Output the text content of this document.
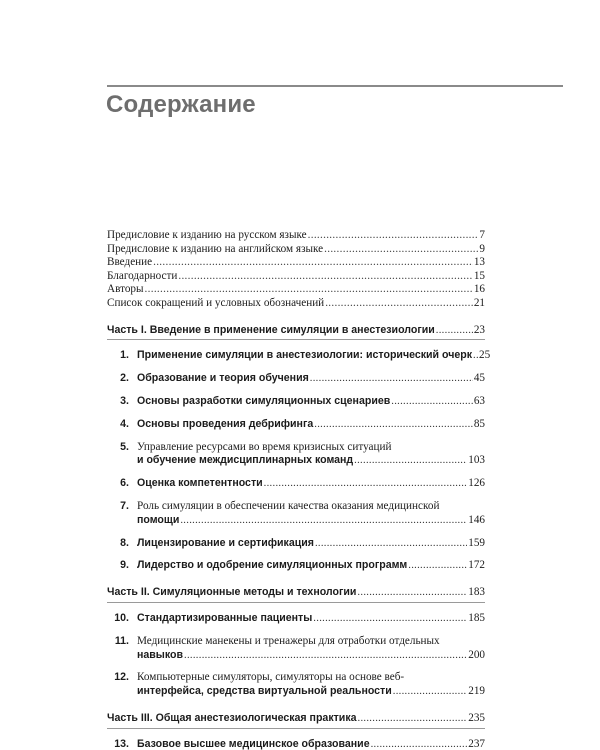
Содержание
Предисловие к изданию на русском языке .....	7
Предисловие к изданию на английском языке .....	9
Введение .....	13
Благодарности .....	15
Авторы .....	16
Список сокращений и условных обозначений .....	21
Часть I. Введение в применение симуляции в анестезиологии .....	23
1. Применение симуляции в анестезиологии: исторический очерк ..... 25
2. Образование и теория обучения .....	45
3. Основы разработки симуляционных сценариев .....	63
4. Основы проведения дебрифинга .....	85
5. Управление ресурсами во время кризисных ситуаций
и обучение междисциплинарных команд .....	103
6. Оценка компетентности .....	126
7. Роль симуляции в обеспечении качества оказания медицинской
помощи .....	146
8. Лицензирование и сертификация .....	159
9. Лидерство и одобрение симуляционных программ .....	172
Часть II. Симуляционные методы и технологии .....	183
10. Стандартизированные пациенты .....	185
11. Медицинские манекены и тренажеры для отработки отдельных
навыков .....	200
12. Компьютерные симуляторы, симуляторы на основе веб-
интерфейса, средства виртуальной реальности .....	219
Часть III. Общая анестезиологическая практика .....	235
13. Базовое высшее медицинское образование .....	237
